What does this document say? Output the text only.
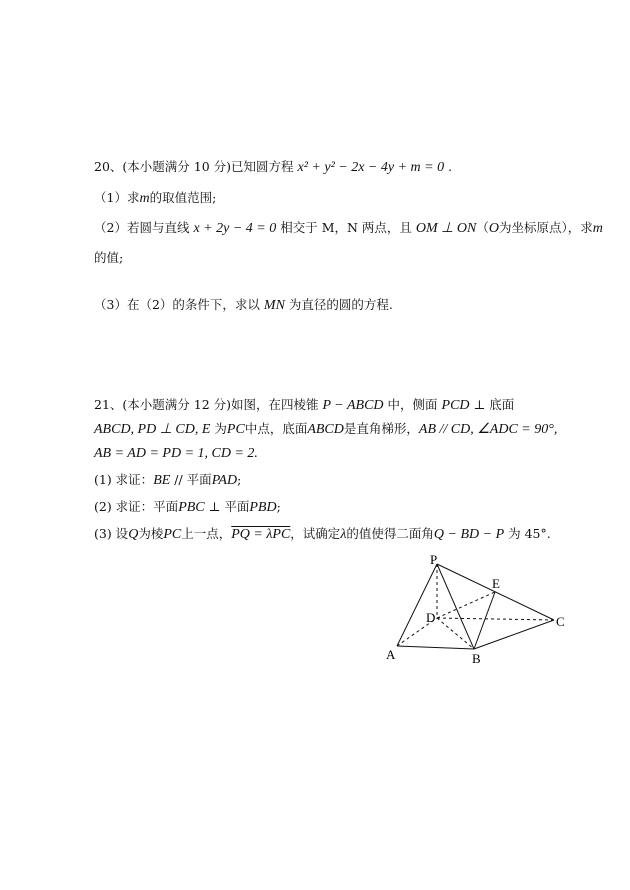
20、(本小题满分 10 分)已知圆方程 x² + y² − 2x − 4y + m = 0 .
（1）求m的取值范围;
（2）若圆与直线 x + 2y − 4 = 0 相交于 M，N 两点，且 OM ⊥ ON（O为坐标原点），求m
的值;
（3）在（2）的条件下，求以 MN 为直径的圆的方程.
21、(本小题满分 12 分)如图，在四棱锥 P − ABCD 中，侧面 PCD ⊥ 底面
ABCD, PD ⊥ CD, E 为PC中点，底面ABCD是直角梯形，AB // CD, ∠ADC = 90°,
AB = AD = PD = 1, CD = 2.
(1) 求证：BE // 平面PAD;
(2) 求证：平面PBC ⊥ 平面PBD;
(3) 设Q为棱PC上一点，PQ = λPC，试确定λ的值使得二面角Q − BD − P 为 45°.
P
E
D	C
A	B
